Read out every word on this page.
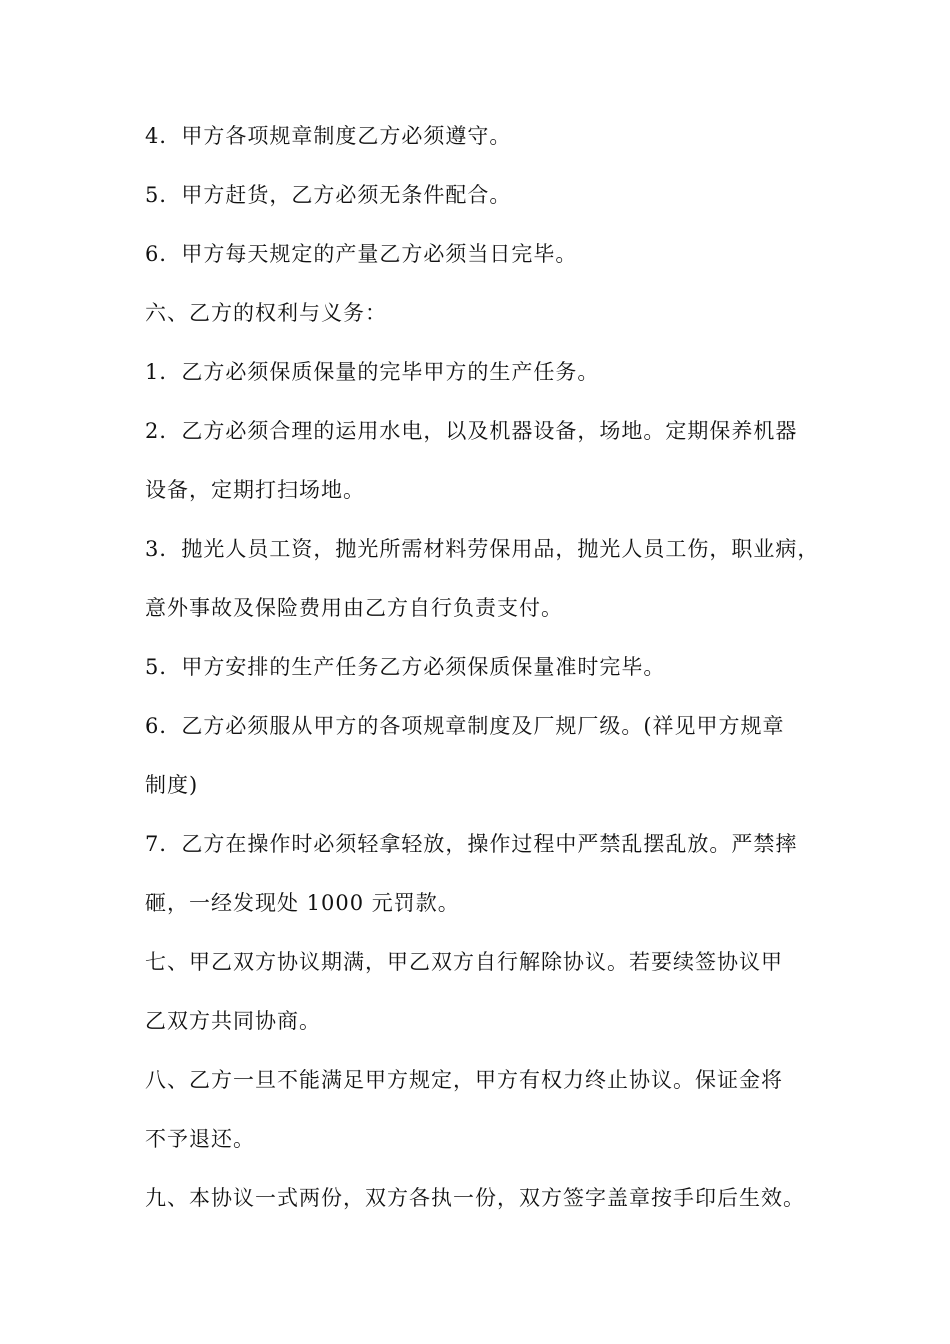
4．甲方各项规章制度乙方必须遵守。

5．甲方赶货，乙方必须无条件配合。

6．甲方每天规定的产量乙方必须当日完毕。

六、乙方的权利与义务：

1．乙方必须保质保量的完毕甲方的生产任务。

2．乙方必须合理的运用水电，以及机器设备，场地。定期保养机器

设备，定期打扫场地。

3．抛光人员工资，抛光所需材料劳保用品，抛光人员工伤，职业病，

意外事故及保险费用由乙方自行负责支付。

5．甲方安排的生产任务乙方必须保质保量准时完毕。

6．乙方必须服从甲方的各项规章制度及厂规厂级。(祥见甲方规章

制度)

7．乙方在操作时必须轻拿轻放，操作过程中严禁乱摆乱放。严禁摔

砸，一经发现处 1000 元罚款。

七、甲乙双方协议期满，甲乙双方自行解除协议。若要续签协议甲

乙双方共同协商。

八、乙方一旦不能满足甲方规定，甲方有权力终止协议。保证金将

不予退还。

九、本协议一式两份，双方各执一份，双方签字盖章按手印后生效。
